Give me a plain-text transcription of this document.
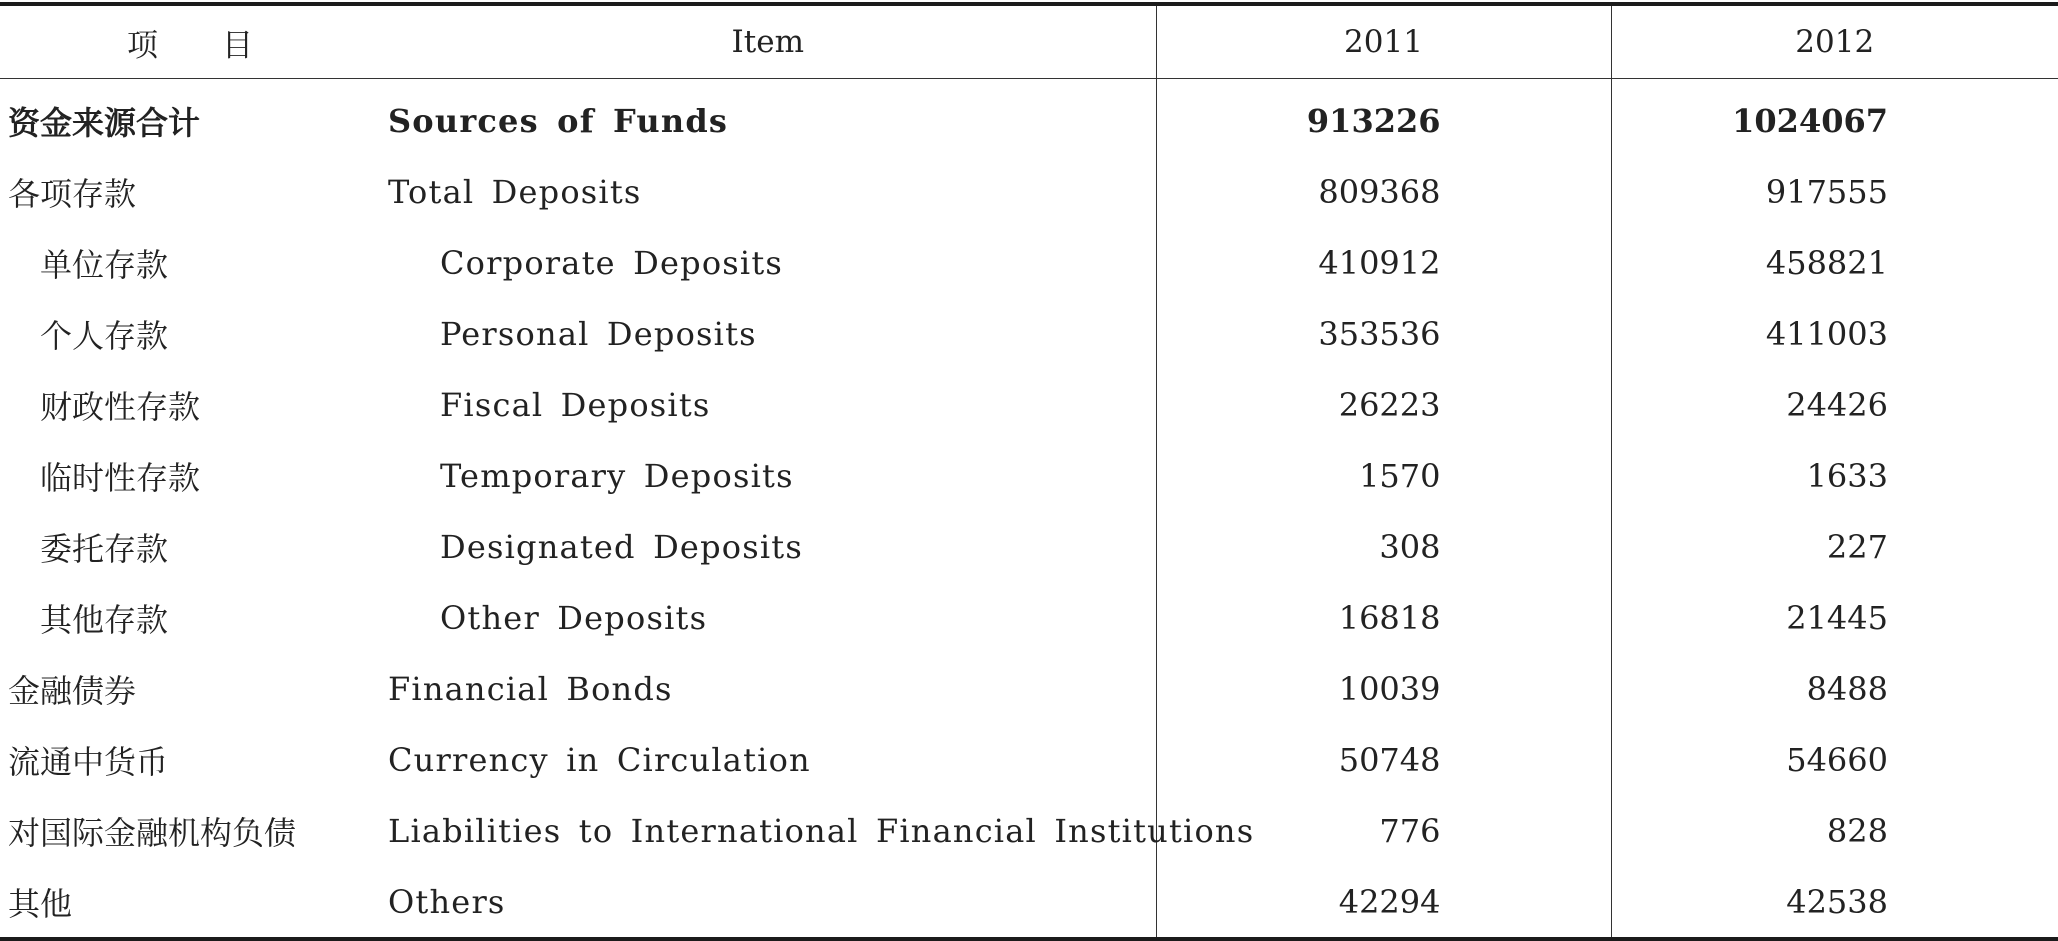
项 目	Item	2011	2012
资金来源合计	Sources of Funds	913226	1024067
各项存款	Total Deposits	809368	917555
单位存款	Corporate Deposits	410912	458821
个人存款	Personal Deposits	353536	411003
财政性存款	Fiscal Deposits	26223	24426
临时性存款	Temporary Deposits	1570	1633
委托存款	Designated Deposits	308	227
其他存款	Other Deposits	16818	21445
金融债券	Financial Bonds	10039	8488
流通中货币	Currency in Circulation	50748	54660
对国际金融机构负债	Liabilities to International Financial Institutions	776	828
其他	Others	42294	42538
